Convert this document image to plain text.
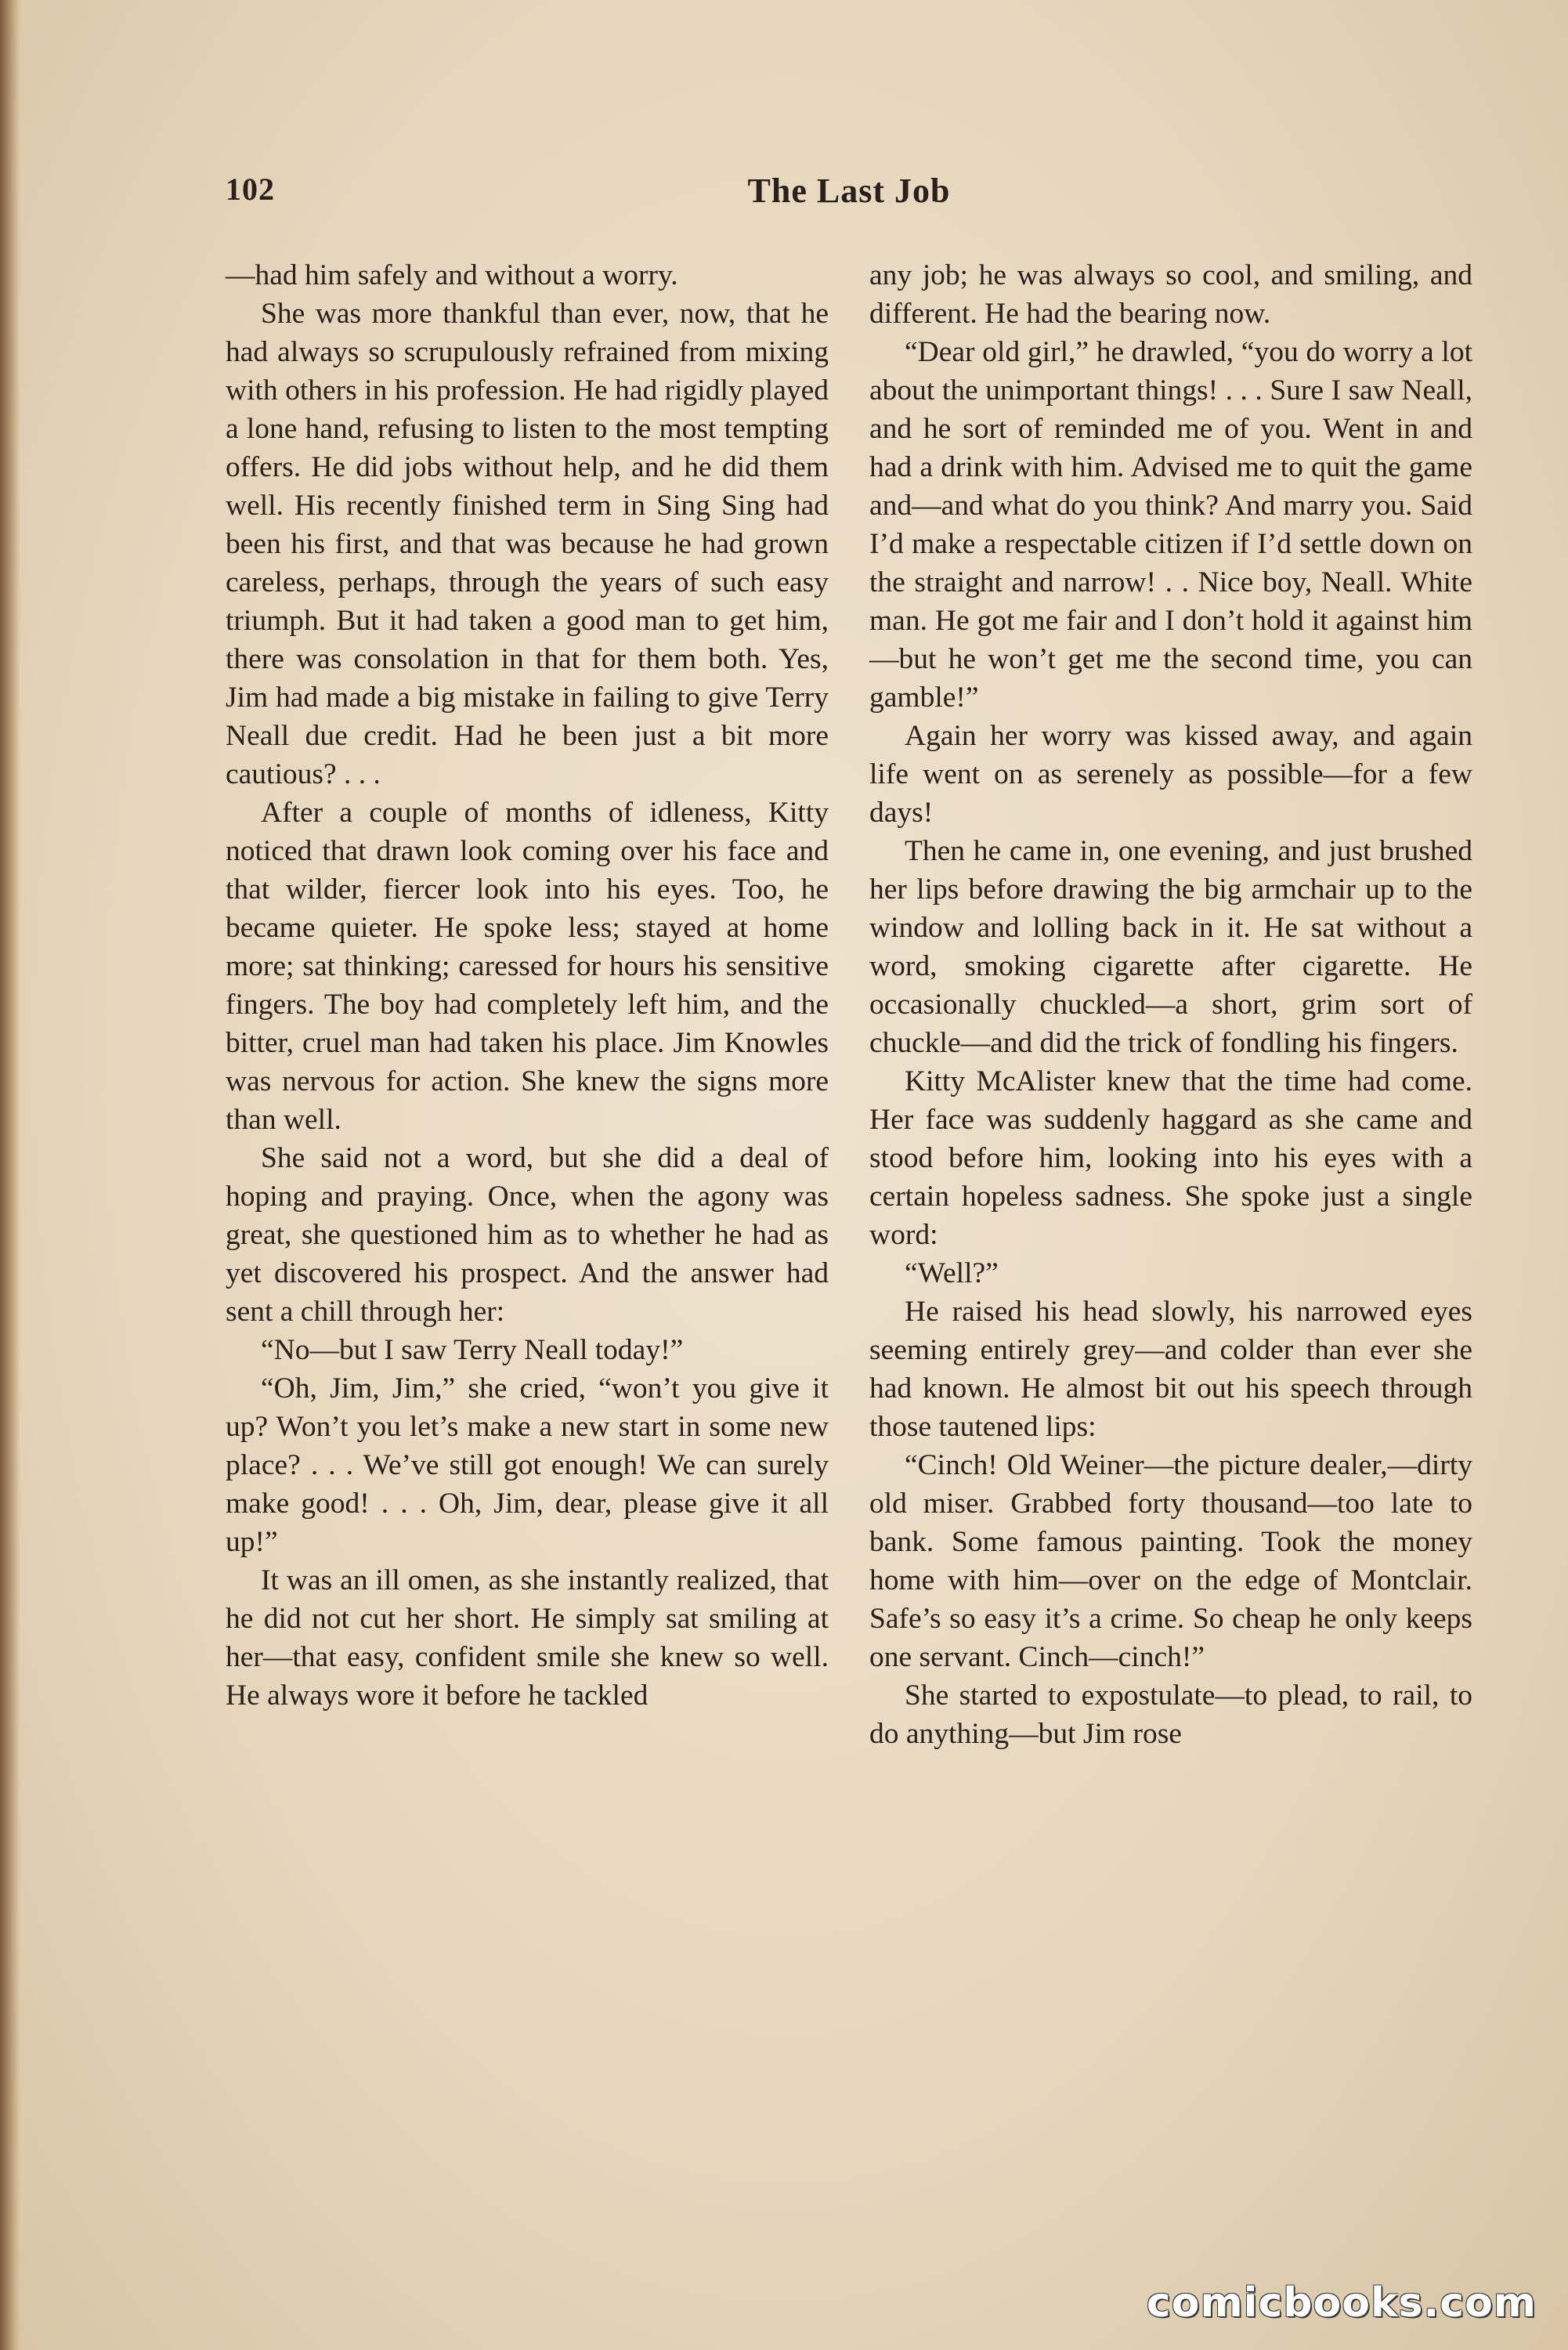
102	The Last Job

—had him safely and without a worry.

She was more thankful than ever, now, that he had always so scrupulously refrained from mixing with others in his profession. He had rigidly played a lone hand, refusing to listen to the most tempting offers. He did jobs without help, and he did them well. His recently finished term in Sing Sing had been his first, and that was because he had grown careless, perhaps, through the years of such easy triumph. But it had taken a good man to get him, there was consolation in that for them both. Yes, Jim had made a big mistake in failing to give Terry Neall due credit. Had he been just a bit more cautious? . . .

After a couple of months of idleness, Kitty noticed that drawn look coming over his face and that wilder, fiercer look into his eyes. Too, he became quieter. He spoke less; stayed at home more; sat thinking; caressed for hours his sensitive fingers. The boy had completely left him, and the bitter, cruel man had taken his place. Jim Knowles was nervous for action. She knew the signs more than well.

She said not a word, but she did a deal of hoping and praying. Once, when the agony was great, she questioned him as to whether he had as yet discovered his prospect. And the answer had sent a chill through her:

“No—but I saw Terry Neall today!”

“Oh, Jim, Jim,” she cried, “won’t you give it up? Won’t you let’s make a new start in some new place? . . . We’ve still got enough! We can surely make good! . . . Oh, Jim, dear, please give it all up!”

It was an ill omen, as she instantly realized, that he did not cut her short. He simply sat smiling at her—that easy, confident smile she knew so well. He always wore it before he tackled

any job; he was always so cool, and smiling, and different. He had the bearing now.

“Dear old girl,” he drawled, “you do worry a lot about the unimportant things! . . . Sure I saw Neall, and he sort of reminded me of you. Went in and had a drink with him. Advised me to quit the game and—and what do you think? And marry you. Said I’d make a respectable citizen if I’d settle down on the straight and narrow! . . Nice boy, Neall. White man. He got me fair and I don’t hold it against him —but he won’t get me the second time, you can gamble!”

Again her worry was kissed away, and again life went on as serenely as possible—for a few days!

Then he came in, one evening, and just brushed her lips before drawing the big armchair up to the window and lolling back in it. He sat without a word, smoking cigarette after cigarette. He occasionally chuckled—a short, grim sort of chuckle—and did the trick of fondling his fingers.

Kitty McAlister knew that the time had come. Her face was suddenly haggard as she came and stood before him, looking into his eyes with a certain hopeless sadness. She spoke just a single word:

“Well?”

He raised his head slowly, his narrowed eyes seeming entirely grey—and colder than ever she had known. He almost bit out his speech through those tautened lips:

“Cinch! Old Weiner—the picture dealer,—dirty old miser. Grabbed forty thousand—too late to bank. Some famous painting. Took the money home with him—over on the edge of Montclair. Safe’s so easy it’s a crime. So cheap he only keeps one servant. Cinch—cinch!”

She started to expostulate—to plead, to rail, to do anything—but Jim rose

comicbooks.com
